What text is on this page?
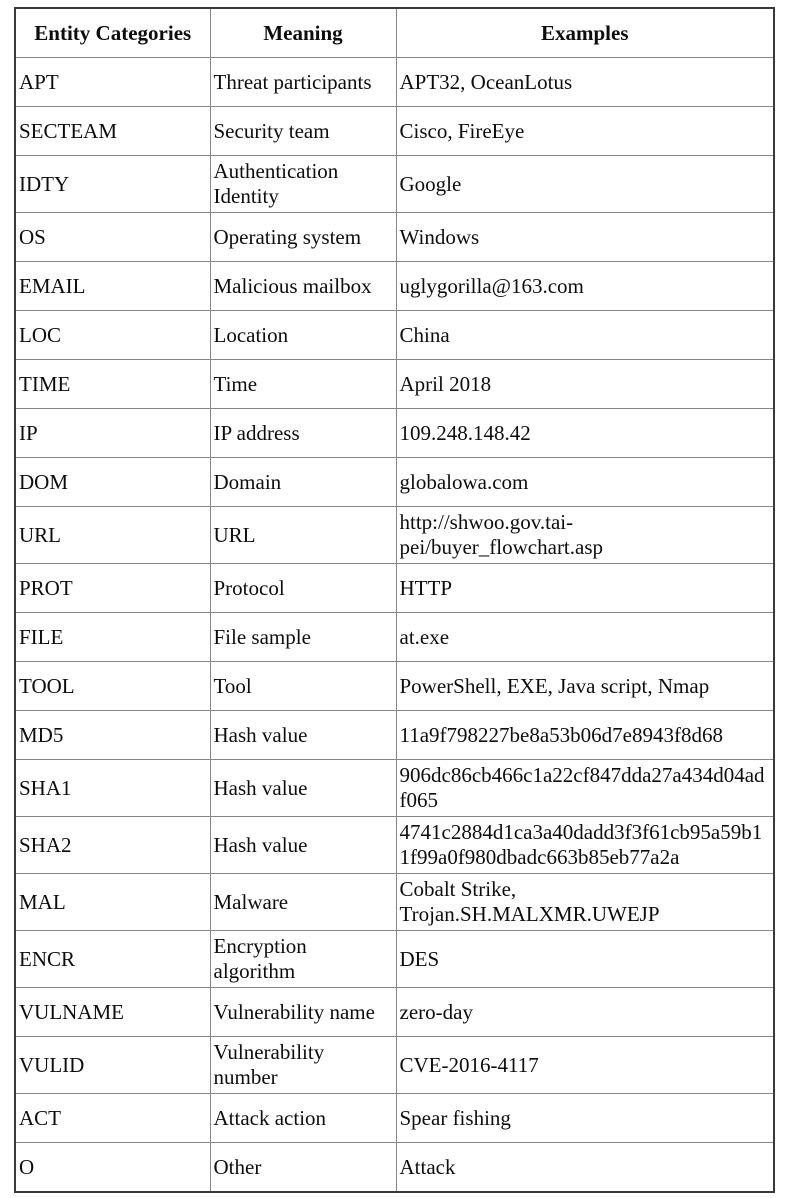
Entity Categories	Meaning	Examples
APT	Threat participants	APT32, OceanLotus
SECTEAM	Security team	Cisco, FireEye
IDTY	Authentication Identity	Google
OS	Operating system	Windows
EMAIL	Malicious mailbox	uglygorilla@163.com
LOC	Location	China
TIME	Time	April 2018
IP	IP address	109.248.148.42
DOM	Domain	globalowa.com
URL	URL	http://shwoo.gov.tai-pei/buyer_flowchart.asp
PROT	Protocol	HTTP
FILE	File sample	at.exe
TOOL	Tool	PowerShell, EXE, Java script, Nmap
MD5	Hash value	11a9f798227be8a53b06d7e8943f8d68
SHA1	Hash value	906dc86cb466c1a22cf847dda27a434d04adf065
SHA2	Hash value	4741c2884d1ca3a40dadd3f3f61cb95a59b11f99a0f980dbadc663b85eb77a2a
MAL	Malware	Cobalt Strike, Trojan.SH.MALXMR.UWEJP
ENCR	Encryption algorithm	DES
VULNAME	Vulnerability name	zero-day
VULID	Vulnerability number	CVE-2016-4117
ACT	Attack action	Spear fishing
O	Other	Attack
